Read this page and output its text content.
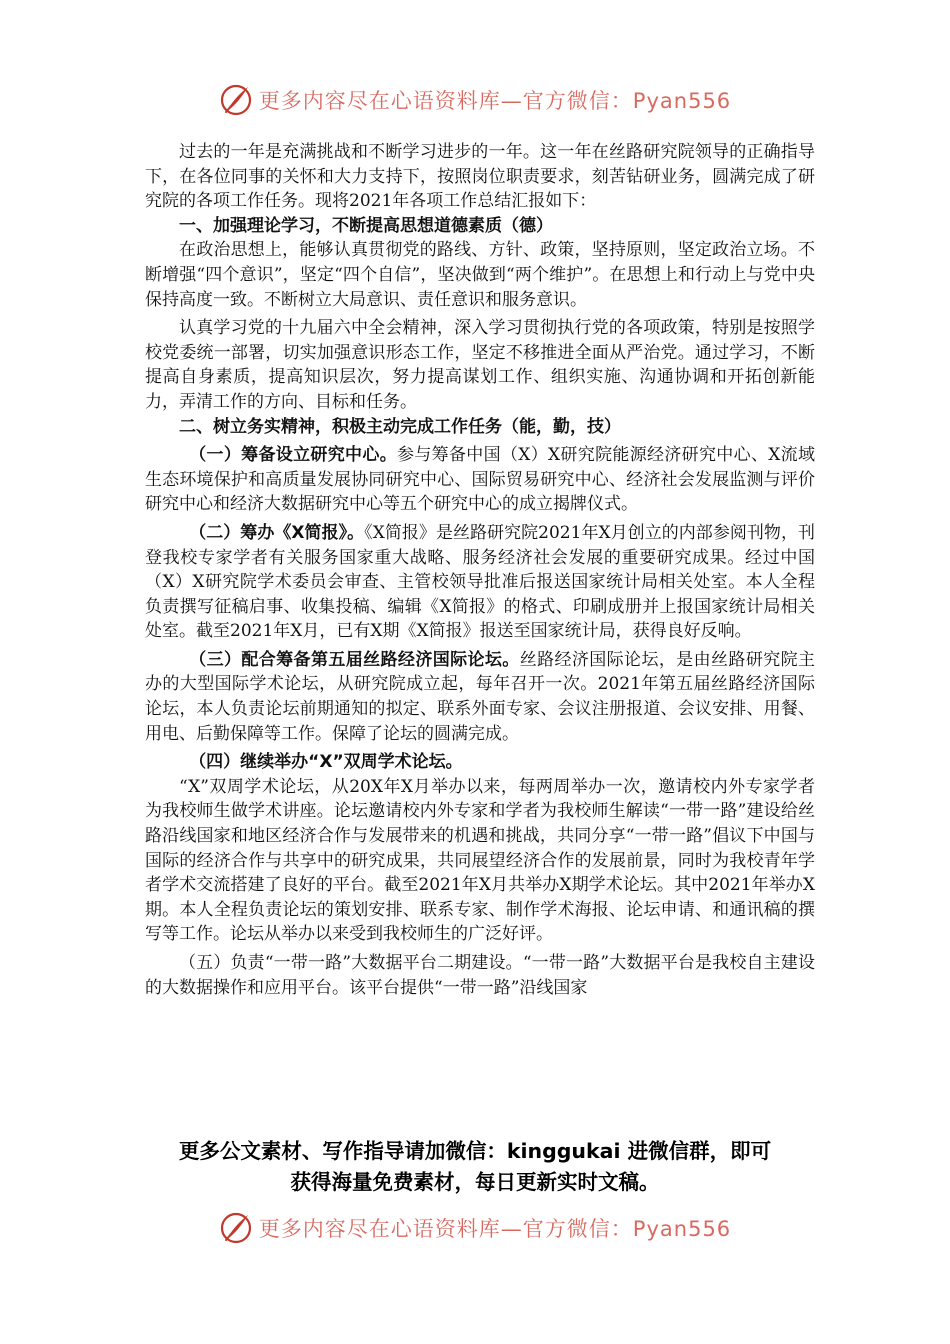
更多内容尽在心语资料库—官方微信：Pyan556

过去的一年是充满挑战和不断学习进步的一年。这一年在丝路研究院领导的正确指导下，在各位同事的关怀和大力支持下，按照岗位职责要求，刻苦钻研业务，圆满完成了研究院的各项工作任务。现将2021年各项工作总结汇报如下：

一、加强理论学习，不断提高思想道德素质（德）

在政治思想上，能够认真贯彻党的路线、方针、政策，坚持原则，坚定政治立场。不断增强“四个意识”，坚定“四个自信”，坚决做到“两个维护”。在思想上和行动上与党中央保持高度一致。不断树立大局意识、责任意识和服务意识。

认真学习党的十九届六中全会精神，深入学习贯彻执行党的各项政策，特别是按照学校党委统一部署，切实加强意识形态工作，坚定不移推进全面从严治党。通过学习，不断提高自身素质，提高知识层次，努力提高谋划工作、组织实施、沟通协调和开拓创新能力，弄清工作的方向、目标和任务。

二、树立务实精神，积极主动完成工作任务（能，勤，技）

（一）筹备设立研究中心。参与筹备中国（X）X研究院能源经济研究中心、X流域生态环境保护和高质量发展协同研究中心、国际贸易研究中心、经济社会发展监测与评价研究中心和经济大数据研究中心等五个研究中心的成立揭牌仪式。

（二）筹办《X简报》。《X简报》是丝路研究院2021年X月创立的内部参阅刊物，刊登我校专家学者有关服务国家重大战略、服务经济社会发展的重要研究成果。经过中国（X）X研究院学术委员会审查、主管校领导批准后报送国家统计局相关处室。本人全程负责撰写征稿启事、收集投稿、编辑《X简报》的格式、印刷成册并上报国家统计局相关处室。截至2021年X月，已有X期《X简报》报送至国家统计局，获得良好反响。

（三）配合筹备第五届丝路经济国际论坛。丝路经济国际论坛，是由丝路研究院主办的大型国际学术论坛，从研究院成立起，每年召开一次。2021年第五届丝路经济国际论坛，本人负责论坛前期通知的拟定、联系外面专家、会议注册报道、会议安排、用餐、用电、后勤保障等工作。保障了论坛的圆满完成。

（四）继续举办“X”双周学术论坛。

“X”双周学术论坛，从20X年X月举办以来，每两周举办一次，邀请校内外专家学者为我校师生做学术讲座。论坛邀请校内外专家和学者为我校师生解读“一带一路”建设给丝路沿线国家和地区经济合作与发展带来的机遇和挑战，共同分享“一带一路”倡议下中国与国际的经济合作与共享中的研究成果，共同展望经济合作的发展前景，同时为我校青年学者学术交流搭建了良好的平台。截至2021年X月共举办X期学术论坛。其中2021年举办X期。本人全程负责论坛的策划安排、联系专家、制作学术海报、论坛申请、和通讯稿的撰写等工作。论坛从举办以来受到我校师生的广泛好评。

（五）负责“一带一路”大数据平台二期建设。“一带一路”大数据平台是我校自主建设的大数据操作和应用平台。该平台提供“一带一路”沿线国家

更多公文素材、写作指导请加微信：kinggukai 进微信群，即可
获得海量免费素材，每日更新实时文稿。
更多内容尽在心语资料库—官方微信：Pyan556
